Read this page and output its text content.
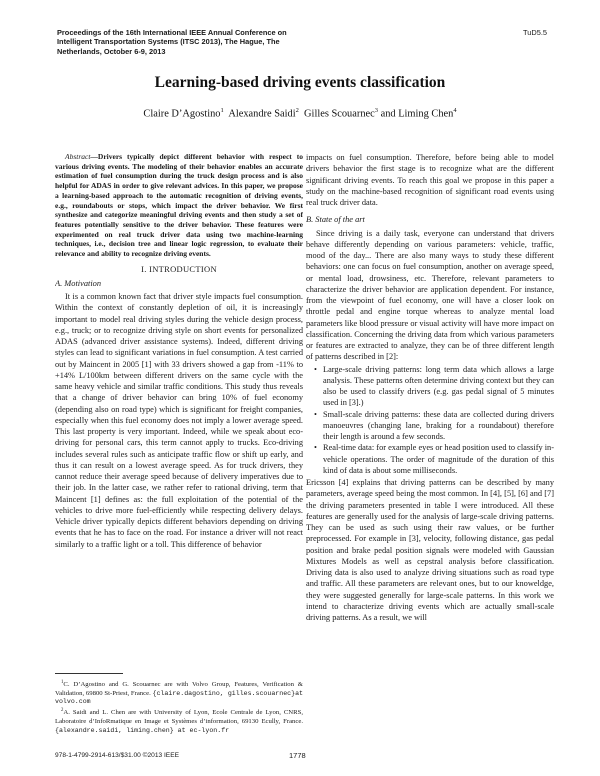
Proceedings of the 16th International IEEE Annual Conference on
Intelligent Transportation Systems (ITSC 2013), The Hague, The
Netherlands, October 6-9, 2013
TuD5.5
Learning-based driving events classification
Claire D’Agostino$^1$ Alexandre Saidi$^2$ Gilles Scouarnec$^3$ and Liming Chen$^4$

Abstract—Drivers typically depict different behavior with respect to various driving events. The modeling of their behavior enables an accurate estimation of fuel consumption during the truck design process and is also helpful for ADAS in order to give relevant advices. In this paper, we propose a learning-based approach to the automatic recognition of driving events, e.g., roundabouts or stops, which impact the driver behavior. We first synthesize and categorize meaningful driving events and then study a set of features potentially sensitive to the driver behavior. These features were experimented on real truck driver data using two machine-learning techniques, i.e., decision tree and linear logic regression, to evaluate their relevance and ability to recognize driving events.

I. INTRODUCTION
A. Motivation

It is a common known fact that driver style impacts fuel consumption. Within the context of constantly depletion of oil, it is increasingly important to model real driving styles during the vehicle design process, e.g., truck; or to recognize driving style on short events for personalized ADAS (advanced driver assistance systems). Indeed, different driving styles can lead to significant variations in fuel consumption. A test carried out by Maincent in 2005 [1] with 33 drivers showed a gap from -11% to +14% L/100km between different drivers on the same cycle with the same heavy vehicle and similar traffic conditions. This study thus reveals that a change of driver behavior can bring 10% of fuel economy (depending also on road type) which is significant for freight companies, especially when this fuel economy does not imply a lower average speed. This last property is very important. Indeed, while we speak about eco-driving for personal cars, this term cannot apply to trucks. Eco-driving includes several rules such as anticipate traffic flow or shift up early, and thus it can result on a lowest average speed. As for truck drivers, they cannot reduce their average speed because of delivery imperatives due to their job. In the latter case, we rather refer to rational driving, term that Maincent [1] defines as: the full exploitation of the potential of the vehicles to drive more fuel-efficiently while respecting delivery delays. Vehicle driver typically depicts different behaviors depending on driving events that he has to face on the road. For instance a driver will not react similarly to a traffic light or a toll. This difference of behavior

$^1$C. D’Agostino and G. Scouarnec are with Volvo Group, Features, Verification & Validation, 69800 St-Priest, France. {claire.dagostino, gilles.scouarnec}at volvo.com

$^2$A. Saidi and L. Chen are with University of Lyon, Ecole Centrale de Lyon, CNRS, Laboratoire d’InfoRmatique en Image et Systèmes d’information, 69130 Ecully, France. {alexandre.saidi, liming.chen} at ec-lyon.fr

impacts on fuel consumption. Therefore, before being able to model drivers behavior the first stage is to recognize what are the different significant driving events. To reach this goal we propose in this paper a study on the machine-based recognition of significant road events using real truck driver data.

B. State of the art

Since driving is a daily task, everyone can understand that drivers behave differently depending on various parameters: vehicle, traffic, mood of the day... There are also many ways to study these different behaviors: one can focus on fuel consumption, another on average speed, or mental load, drowsiness, etc. Therefore, relevant parameters to characterize the driver behavior are application dependent. For instance, from the viewpoint of fuel economy, one will have a closer look on throttle pedal and engine torque whereas to analyze mental load parameters like blood pressure or visual activity will have more impact on classification. Concerning the driving data from which various parameters or features are extracted to analyze, they can be of three different length of patterns described in [2]:

• Large-scale driving patterns: long term data which allows a large analysis. These patterns often determine driving context but they can also be used to classify drivers (e.g. gas pedal signal of 5 minutes used in [3].)
• Small-scale driving patterns: these data are collected during drivers manoeuvres (changing lane, braking for a roundabout) therefore their length is around a few seconds.
• Real-time data: for example eyes or head position used to classify in-vehicle operations. The order of magnitude of the duration of this kind of data is about some milliseconds.

Ericsson [4] explains that driving patterns can be described by many parameters, average speed being the most common. In [4], [5], [6] and [7] the driving parameters presented in table I were introduced. All these features are generally used for the analysis of large-scale driving patterns. They can be used as such using their raw values, or be further preprocessed. For example in [3], velocity, following distance, gas pedal position and brake pedal position signals were modeled with Gaussian Mixtures Models as well as cepstral analysis before classification. Driving data is also used to analyze driving situations such as road type and traffic. All these parameters are relevant ones, but to our knoweldge, they were suggested generally for large-scale patterns. In this work we intend to characterize driving events which are actually small-scale driving patterns. As a result, we will

978-1-4799-2914-613/$31.00 ©2013 IEEE	1778
